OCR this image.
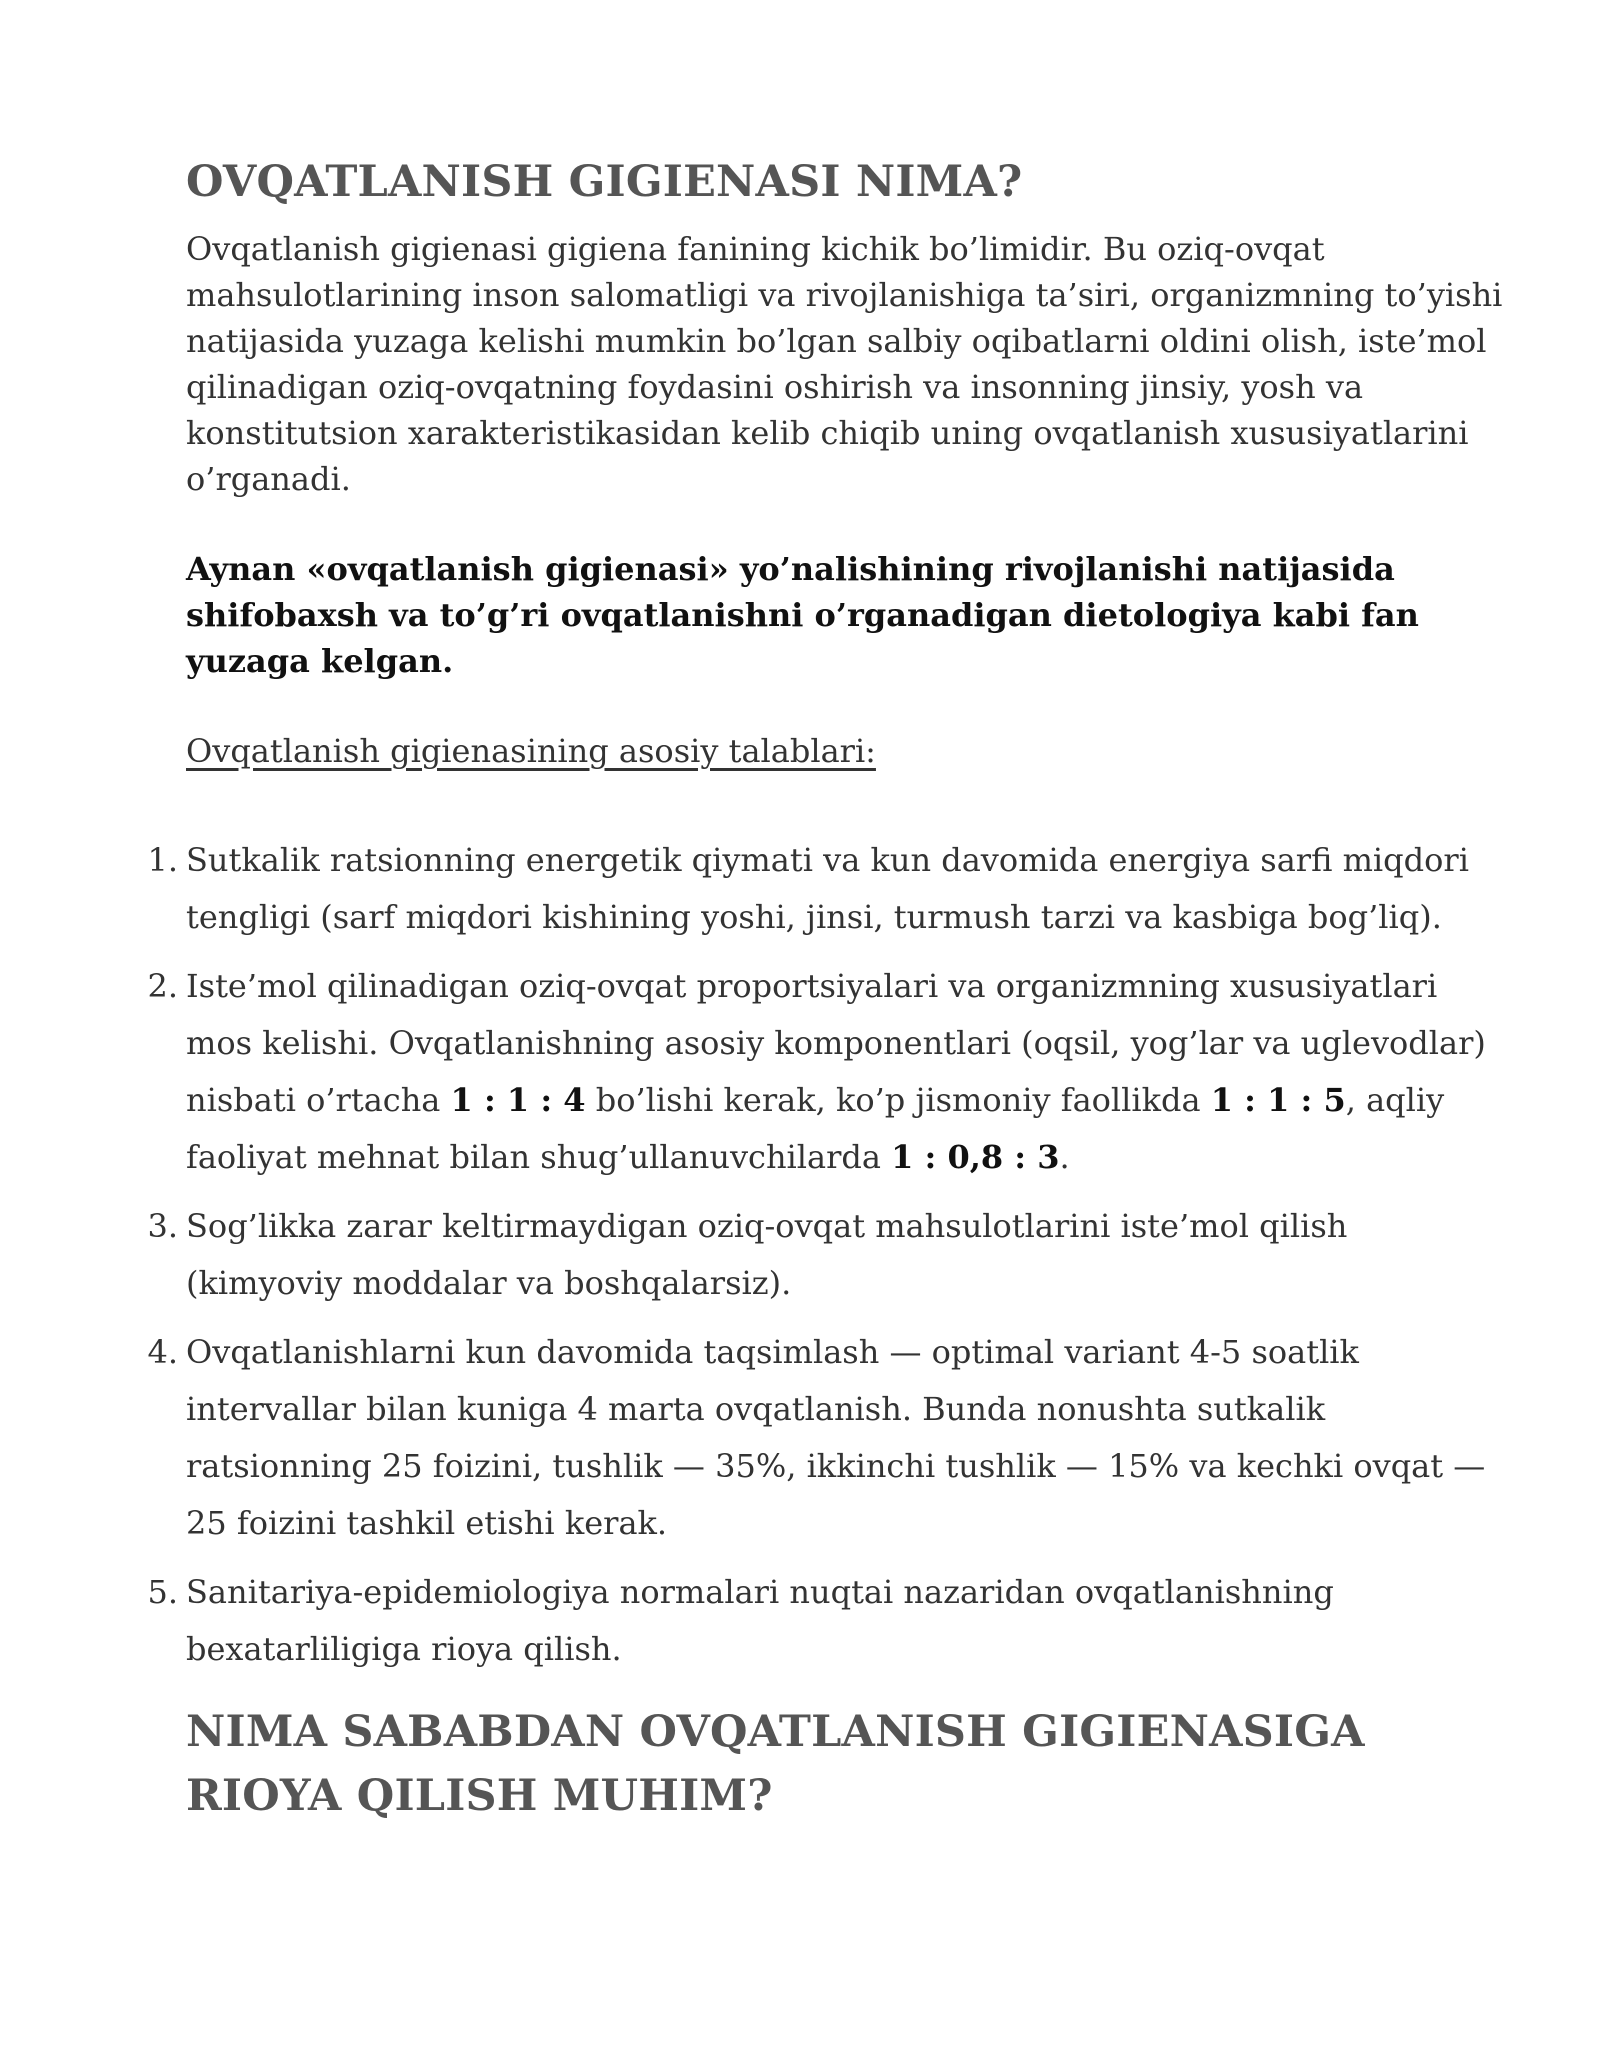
OVQATLANISH GIGIENASI NIMA?

Ovqatlanish gigienasi gigiena fanining kichik bo’limidir. Bu oziq-ovqat mahsulotlarining inson salomatligi va rivojlanishiga ta’siri, organizmning to’yishi natijasida yuzaga kelishi mumkin bo’lgan salbiy oqibatlarni oldini olish, iste’mol qilinadigan oziq-ovqatning foydasini oshirish va insonning jinsiy, yosh va konstitutsion xarakteristikasidan kelib chiqib uning ovqatlanish xususiyatlarini o’rganadi.

Aynan «ovqatlanish gigienasi» yo’nalishining rivojlanishi natijasida shifobaxsh va to’g’ri ovqatlanishni o’rganadigan dietologiya kabi fan yuzaga kelgan.

Ovqatlanish gigienasining asosiy talablari:

1. Sutkalik ratsionning energetik qiymati va kun davomida energiya sarfi miqdori tengligi (sarf miqdori kishining yoshi, jinsi, turmush tarzi va kasbiga bog’liq).
2. Iste’mol qilinadigan oziq-ovqat proportsiyalari va organizmning xususiyatlari mos kelishi. Ovqatlanishning asosiy komponentlari (oqsil, yog’lar va uglevodlar) nisbati o’rtacha 1 : 1 : 4 bo’lishi kerak, ko’p jismoniy faollikda 1 : 1 : 5, aqliy faoliyat mehnat bilan shug’ullanuvchilarda 1 : 0,8 : 3.
3. Sog’likka zarar keltirmaydigan oziq-ovqat mahsulotlarini iste’mol qilish (kimyoviy moddalar va boshqalarsiz).
4. Ovqatlanishlarni kun davomida taqsimlash — optimal variant 4-5 soatlik intervallar bilan kuniga 4 marta ovqatlanish. Bunda nonushta sutkalik ratsionning 25 foizini, tushlik — 35%, ikkinchi tushlik — 15% va kechki ovqat — 25 foizini tashkil etishi kerak.
5. Sanitariya-epidemiologiya normalari nuqtai nazaridan ovqatlanishning bexatarliligiga rioya qilish.
NIMA SABABDAN OVQATLANISH GIGIENASIGA RIOYA QILISH MUHIM?
